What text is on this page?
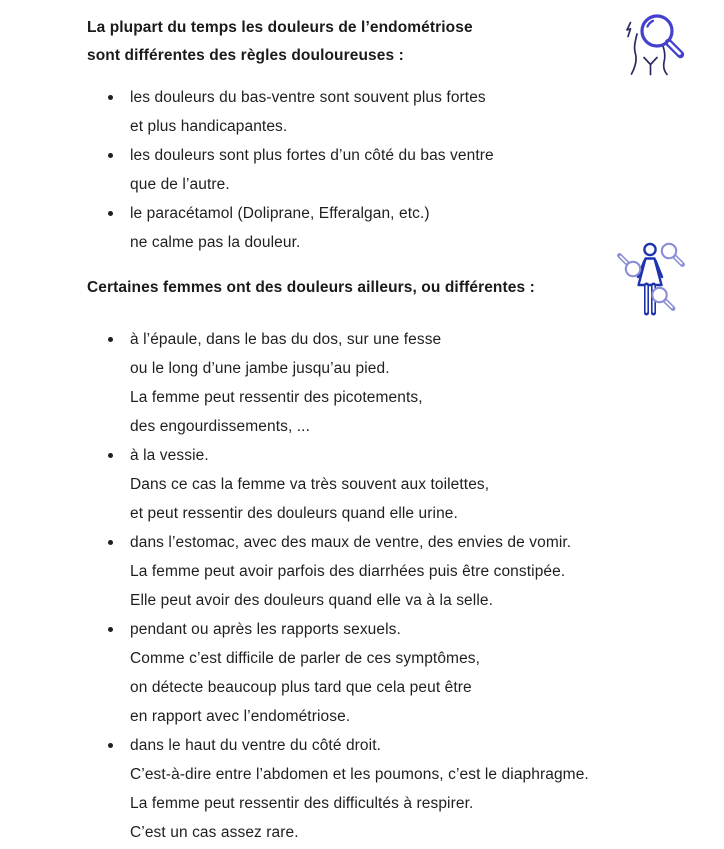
La plupart du temps les douleurs de l’endométriose
sont différentes des règles douloureuses :
les douleurs du bas-ventre sont souvent plus fortes
et plus handicapantes.
les douleurs sont plus fortes d’un côté du bas ventre
que de l’autre.
le paracétamol (Doliprane, Efferalgan, etc.)
ne calme pas la douleur.
Certaines femmes ont des douleurs ailleurs, ou différentes :
à l’épaule, dans le bas du dos, sur une fesse
ou le long d’une jambe jusqu’au pied.
La femme peut ressentir des picotements,
des engourdissements, ...
à la vessie.
Dans ce cas la femme va très souvent aux toilettes,
et peut ressentir des douleurs quand elle urine.
dans l’estomac, avec des maux de ventre, des envies de vomir.
La femme peut avoir parfois des diarrhées puis être constipée.
Elle peut avoir des douleurs quand elle va à la selle.
pendant ou après les rapports sexuels.
Comme c’est difficile de parler de ces symptômes,
on détecte beaucoup plus tard que cela peut être
en rapport avec l’endométriose.
dans le haut du ventre du côté droit.
C’est-à-dire entre l’abdomen et les poumons, c’est le diaphragme.
La femme peut ressentir des difficultés à respirer.
C’est un cas assez rare.
